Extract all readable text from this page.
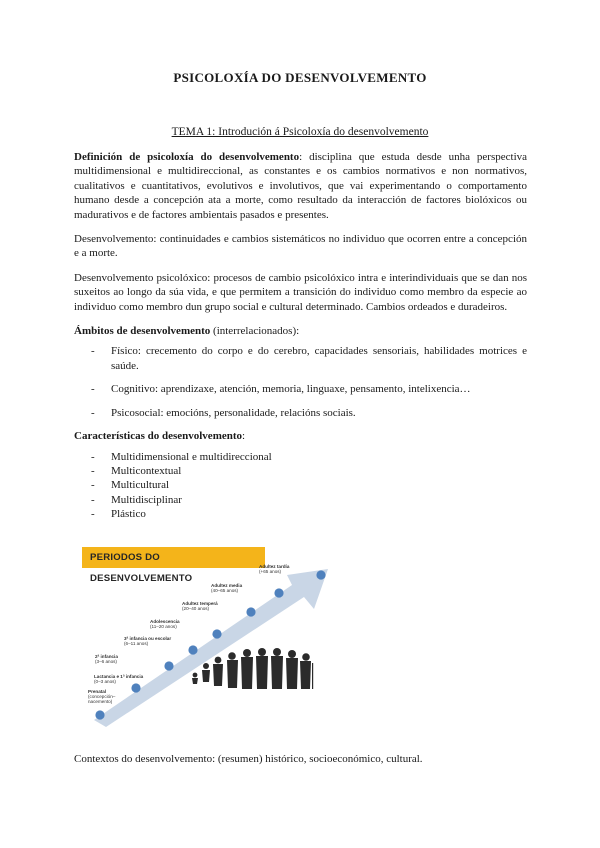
PSICOLOXÍA DO DESENVOLVEMENTO
TEMA 1: Introdución á Psicoloxía do desenvolvemento

Definición de psicoloxía do desenvolvemento: disciplina que estuda desde unha perspectiva multidimensional e multidireccional, as constantes e os cambios normativos e non normativos, cualitativos e cuantitativos, evolutivos e involutivos, que vai experimentando o comportamento humano desde a concepción ata a morte, como resultado da interacción de factores biolóxicos ou madurativos e de factores ambientais pasados e presentes.

Desenvolvemento: continuidades e cambios sistemáticos no individuo que ocorren entre a concepción e a morte.

Desenvolvemento psicolóxico: procesos de cambio psicolóxico intra e interindividuais que se dan nos suxeitos ao longo da súa vida, e que permitem a transición do individuo como membro da especie ao individuo como membro dun grupo social e cultural determinado. Cambios ordeados e duradeiros.

Ámbitos de desenvolvemento (interrelacionados):

- Físico: crecemento do corpo e do cerebro, capacidades sensoriais, habilidades motrices e saúde.
- Cognitivo: aprendizaxe, atención, memoria, linguaxe, pensamento, intelixencia…
- Psicosocial: emocións, personalidade, relacións sociais.

Características do desenvolvemento:

- Multidimensional e multidireccional
- Multicontextual
- Multicultural
- Multidisciplinar
- Plástico
PERIODOS DO DESENVOLVEMENTO
Prenatal
(concepción–nacemento)
Lactancia e 1ª infancia
(0–3 anos)
2ª infancia
(3–6 anos)
3ª infancia ou escolar
(6–11 anos)
Adolescencia
(11–20 anos)
Adultez temperá
(20–40 anos)
Adultez media
(40–65 anos)
Adultez tardía
(+65 anos)
Contextos do desenvolvemento: (resumen) histórico, socioeconómico, cultural.
